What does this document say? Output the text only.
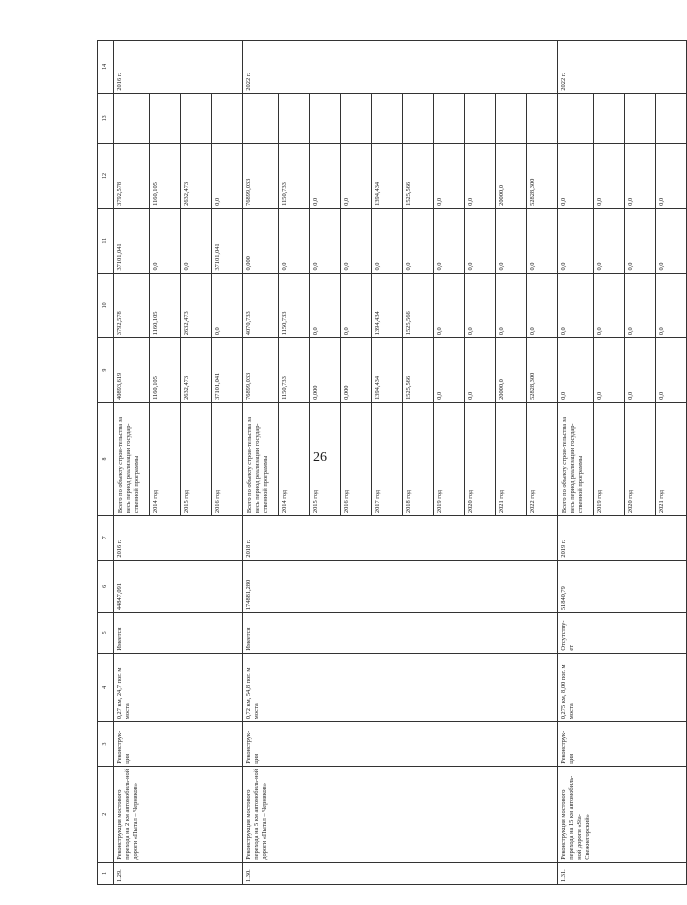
26
1	2	3	4	5	6	7	8	9	10	11	12	13	14
1.29.	Реконструкция мостового перехода на 2 км автомобиль-ной дороги «Пытал – Черняков»	Реконструк-ция	0,27 км, 24,7 пог. м моста	Имеется	44847,091	2016 г.	Всего по объекту строи-тельства за весь период реализации государ-ственной программы	40893,619	3792,578	37101,041	3792,578		2016 г.
							2014 год	1160,105	1160,105	0,0	1160,105		
							2015 год	2632,473	2632,473	0,0	2632,473		
							2016 год	37101,041	0,0	37101,041	0,0		
1.30.	Реконструкция мостового перехода на 5 км автомобиль-ной дороги «Пытал – Черняков»	Реконструк-ция	0,72 км, 54,8 пог. м моста	Имеется	174881,280	2018 г.	Всего по объекту строи-тельства за весь период реализации государ-ственной программы	76899,033	4070,733	0,000	76899,033		2022 г.
							2014 год	1150,733	1150,733	0,0	1150,733		
							2015 год	0,000	0,0	0,0	0,0		
							2016 год	0,000	0,0	0,0	0,0		
							2017 год	1394,434	1394,434	0,0	1394,434		
							2018 год	1525,566	1525,566	0,0	1525,566		
							2019 год	0,0	0,0	0,0	0,0		
							2020 год	0,0	0,0	0,0	0,0		
							2021 год	20000,0	0,0	0,0	20000,0		
							2022 год	52828,300	0,0	0,0	52828,300		
1.31.	Реконструкция мостового перехода на 15 км автомобиль-ной дороги «Sta-Свежнегорский»	Реконструк-ция	0,275 км, 8,00 пог. м моста	Отсутству-ет	51840,79	2019 г.	Всего по объекту строи-тельства за весь период реализации государ-ственной программы	0,0	0,0	0,0	0,0		2022 г.
							2019 год	0,0	0,0	0,0	0,0		
							2020 год	0,0	0,0	0,0	0,0		
							2021 год	0,0	0,0	0,0	0,0		
